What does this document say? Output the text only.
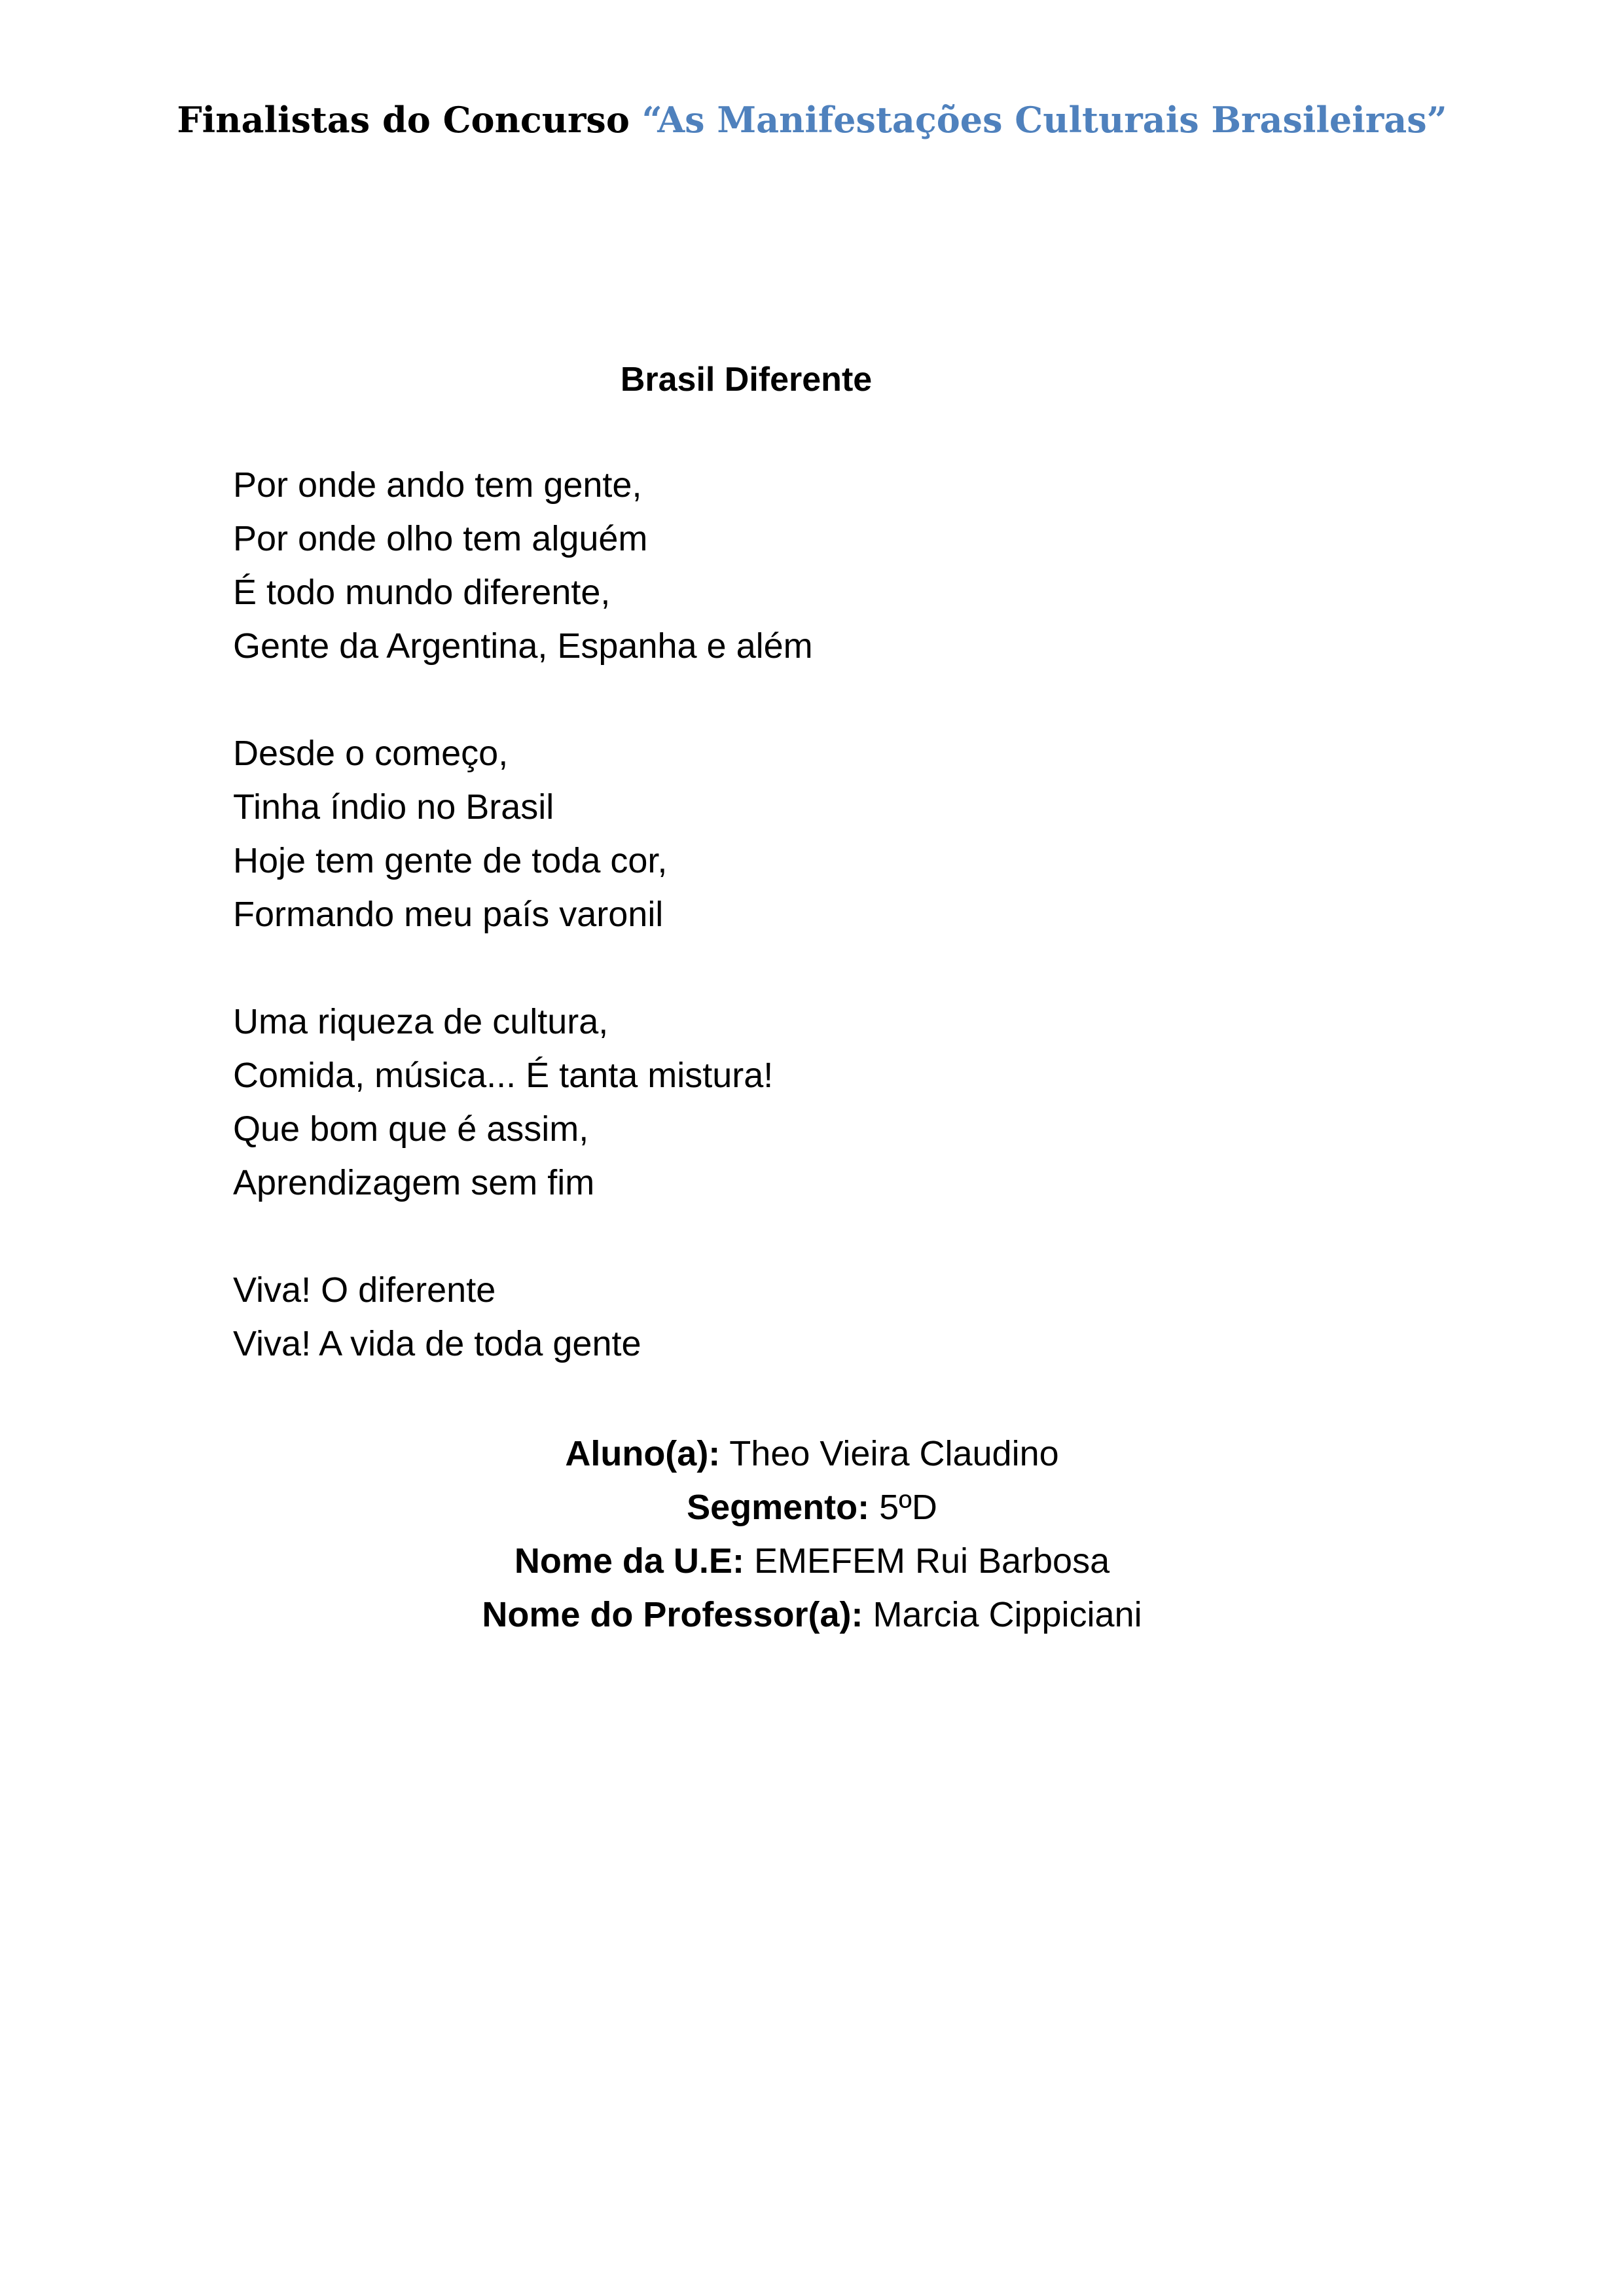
Finalistas do Concurso “As Manifestações Culturais Brasileiras”
Brasil Diferente
Por onde ando tem gente,
Por onde olho tem alguém
É todo mundo diferente,
Gente da Argentina, Espanha e além
Desde o começo,
Tinha índio no Brasil
Hoje tem gente de toda cor,
Formando meu país varonil
Uma riqueza de cultura,
Comida, música... É tanta mistura!
Que bom que é assim,
Aprendizagem sem fim
Viva! O diferente
Viva! A vida de toda gente
Aluno(a): Theo Vieira Claudino
Segmento: 5ºD
Nome da U.E: EMEFEM Rui Barbosa
Nome do Professor(a): Marcia Cippiciani
